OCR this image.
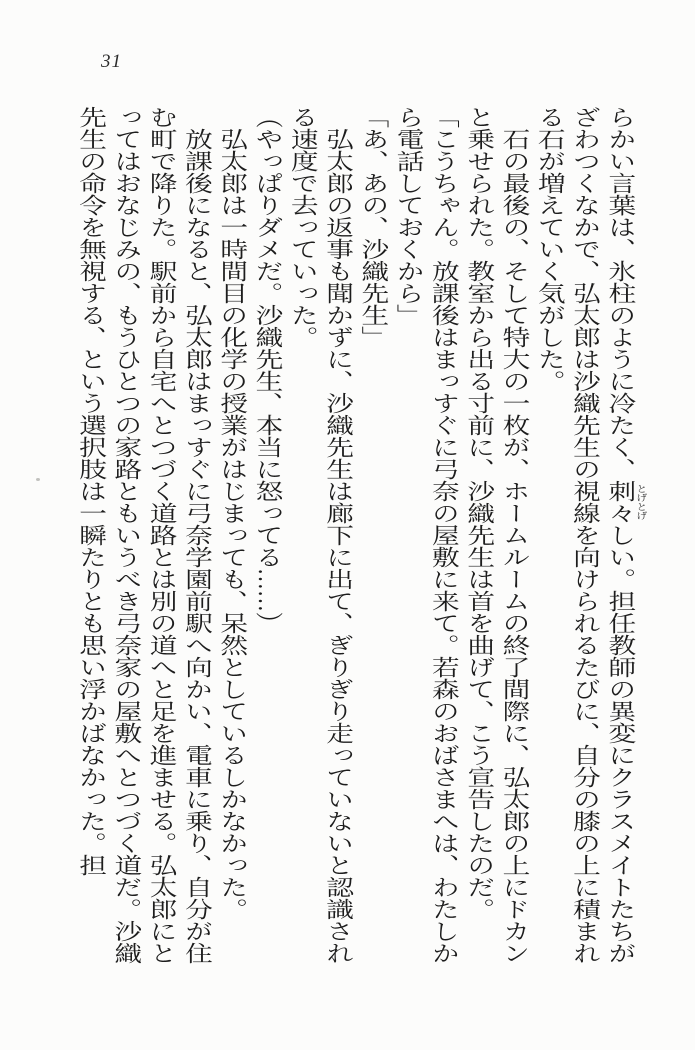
31

らかい言葉は、氷柱のように冷たく、刺々とげとげしい。担任教師の異変にクラスメイトたちがざわつくなかで、弘太郎は沙織先生の視線を向けられるたびに、自分の膝の上に積まれる石が増えていく気がした。

石の最後の、そして特大の一枚が、ホームルームの終了間際に、弘太郎の上にドカンと乗せられた。教室から出る寸前に、沙織先生は首を曲げて、こう宣告したのだ。

「こうちゃん。放課後はまっすぐに弓奈の屋敷に来て。若森のおばさまへは、わたしから電話しておくから」

「あ、あの、沙織先生」

弘太郎の返事も聞かずに、沙織先生は廊下に出て、ぎりぎり走っていないと認識される速度で去っていった。

（やっぱりダメだ。沙織先生、本当に怒ってる……）

弘太郎は一時間目の化学の授業がはじまっても、呆然としているしかなかった。

放課後になると、弘太郎はまっすぐに弓奈学園前駅へ向かい、電車に乗り、自分が住む町で降りた。駅前から自宅へとつづく道路とは別の道へと足を進ませる。弘太郎にとってはおなじみの、もうひとつの家路ともいうべき弓奈家の屋敷へとつづく道だ。沙織先生の命令を無視する、という選択肢は一瞬たりとも思い浮かばなかった。担
